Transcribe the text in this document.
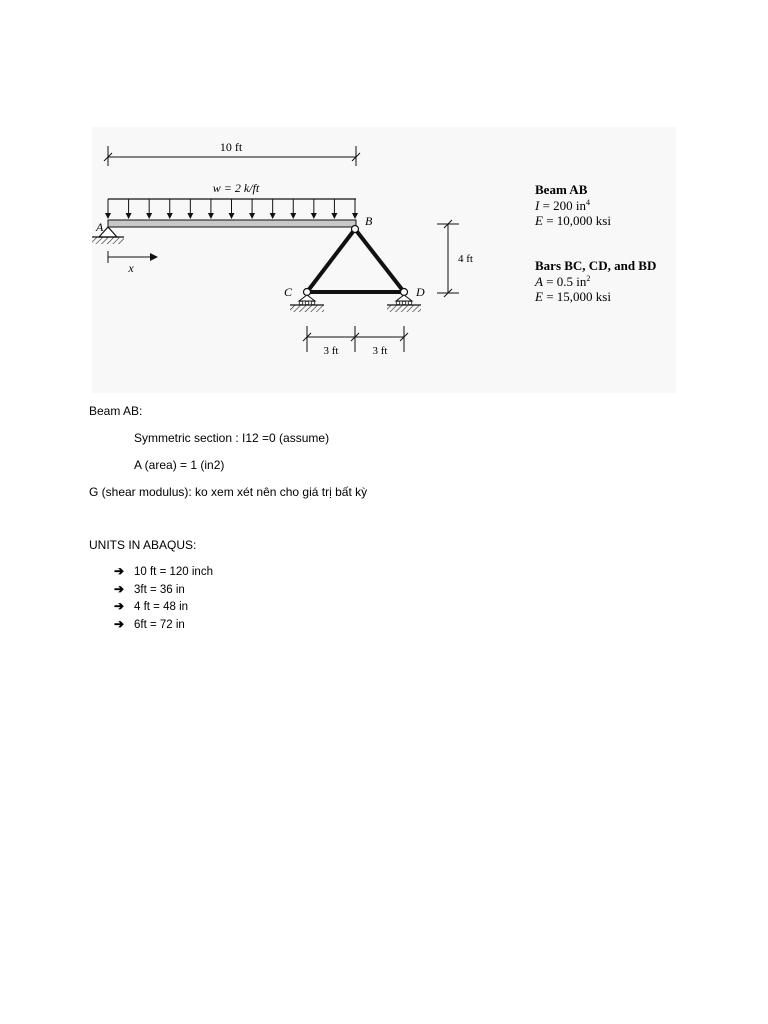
10 ft
w = 2 k/ft
A
x
B
C	D
4 ft
3 ft	3 ft
Beam AB
I = 200 $in^4$
E = 10,000 ksi
Bars BC, CD, and BD
A = 0.5 $in^2$
E = 15,000 ksi
Beam AB:
Symmetric section : I12 =0 (assume)
A (area) = 1 (in2)
G (shear modulus): ko xem xét nên cho giá trị bất kỳ
UNITS IN ABAQUS:
➔ 10 ft = 120 inch
➔ 3ft = 36 in
➔ 4 ft = 48 in
➔ 6ft = 72 in
